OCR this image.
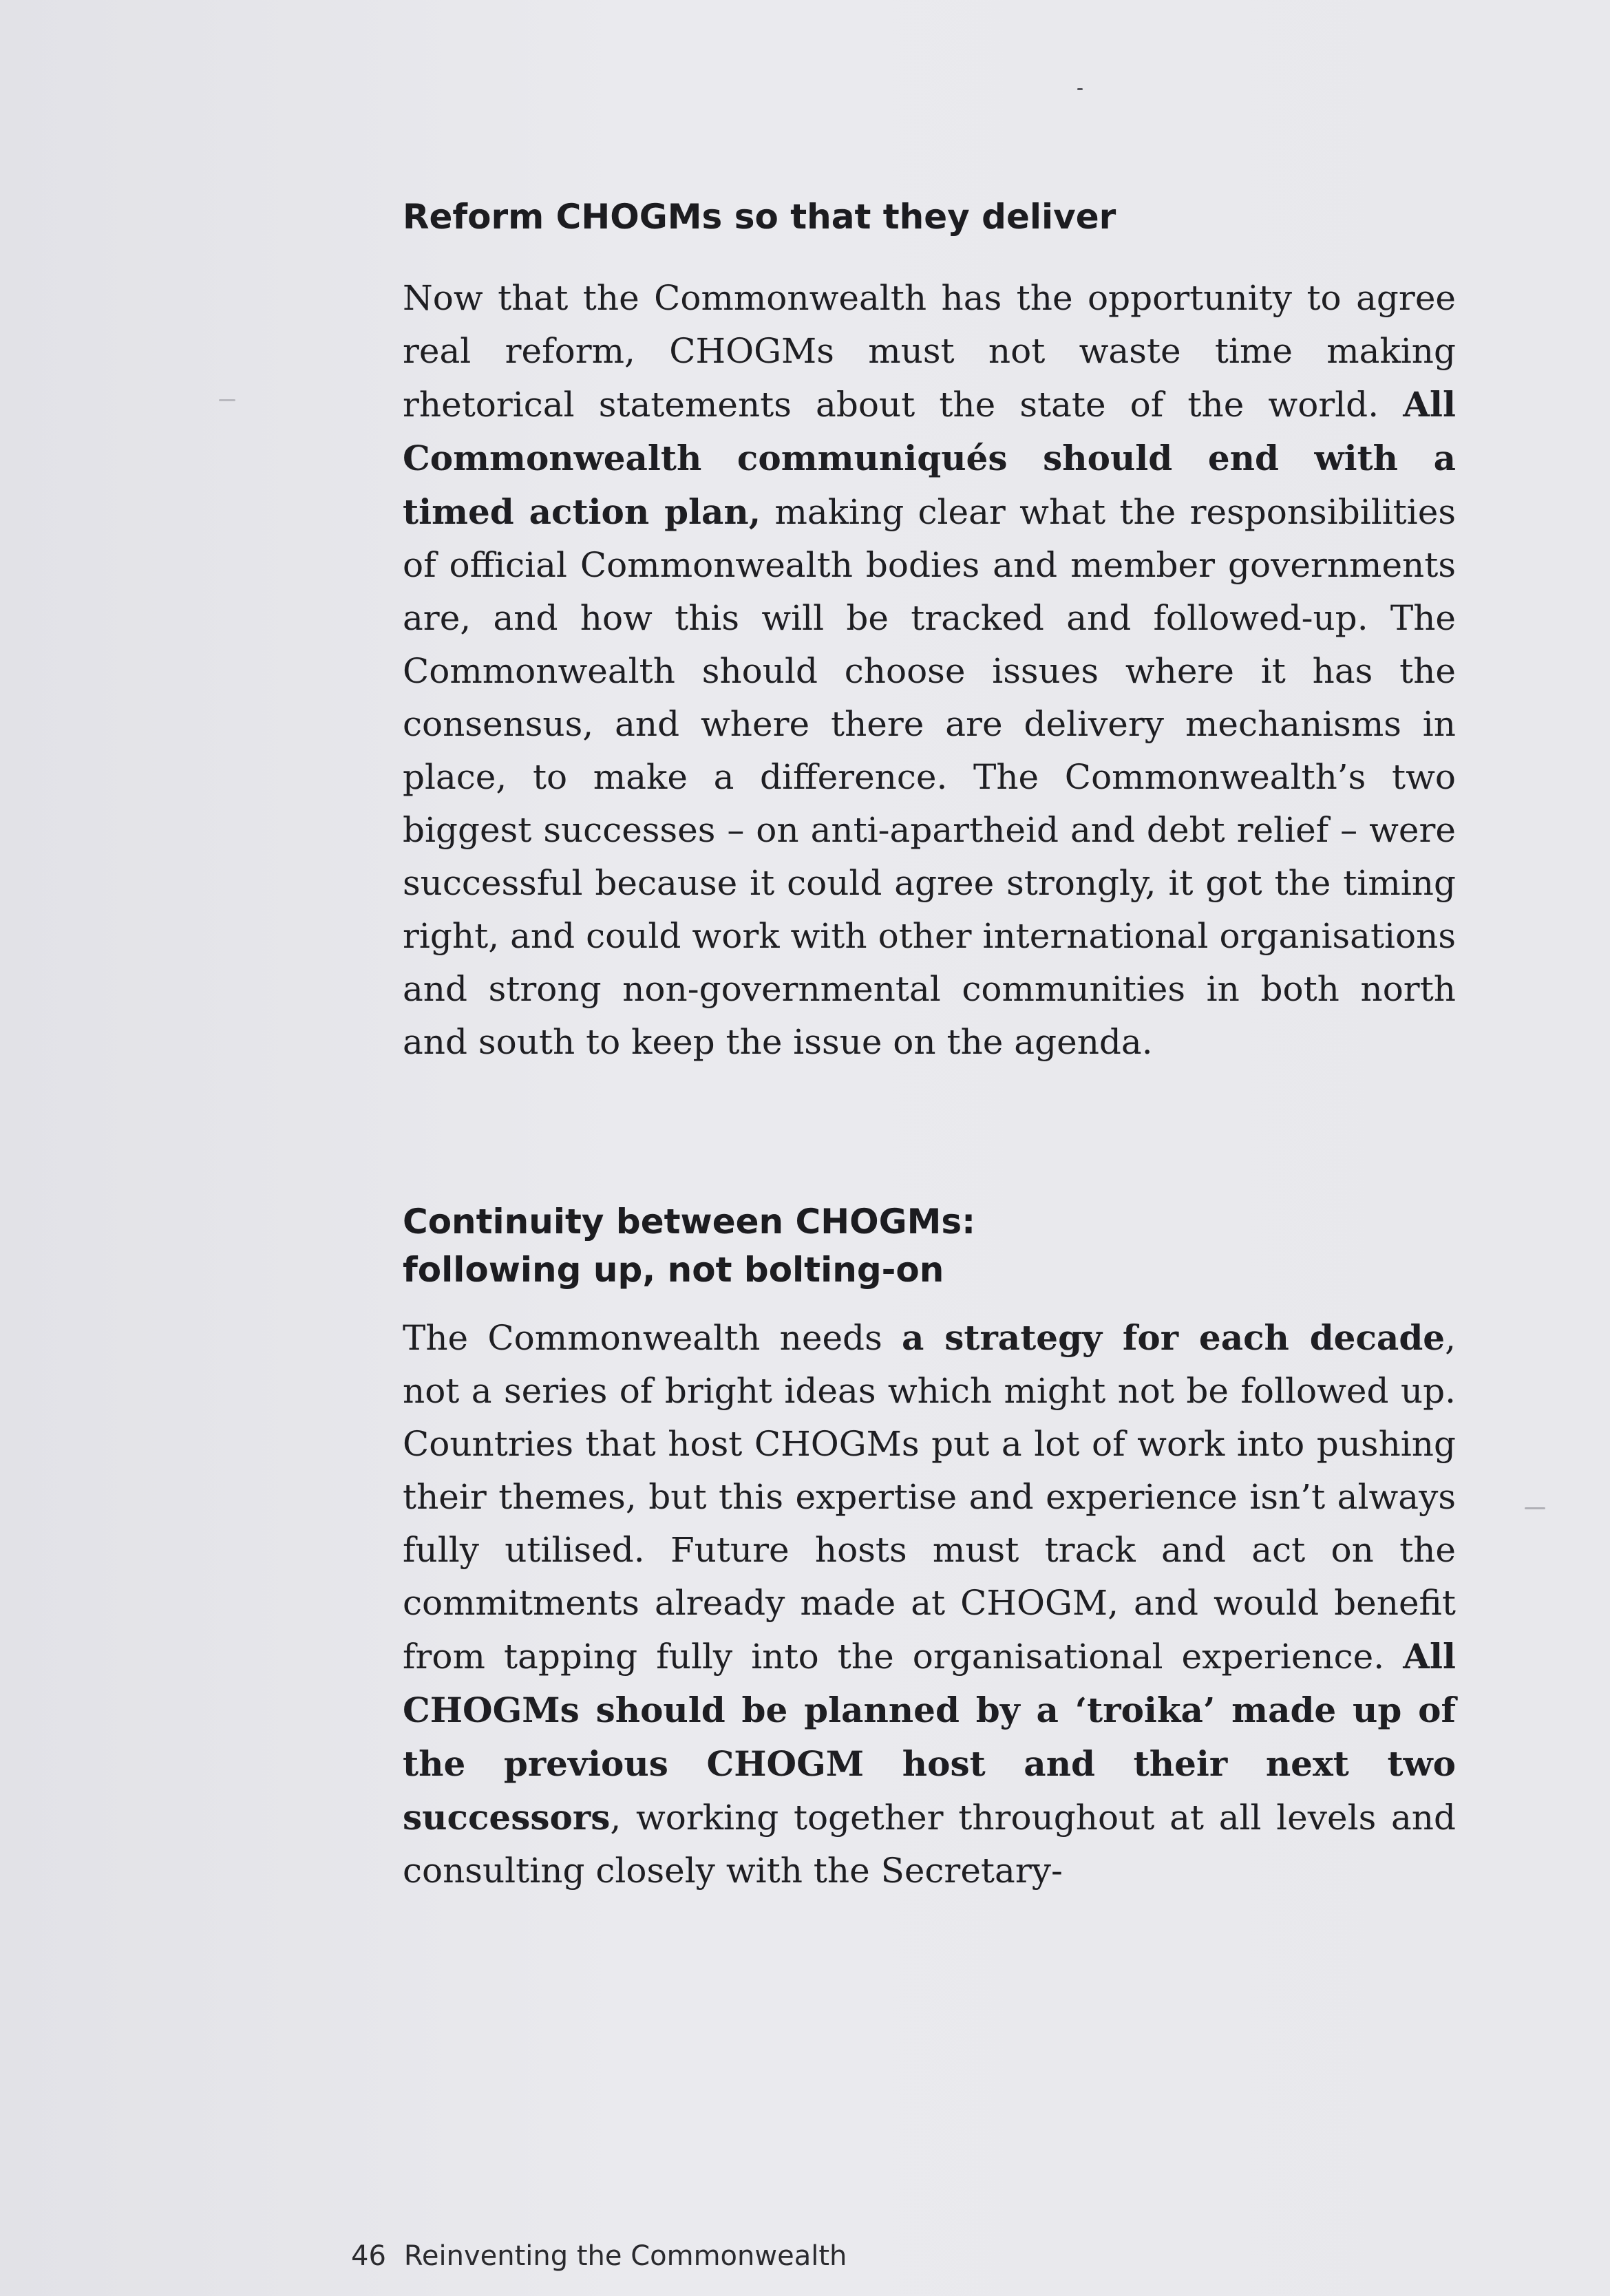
Reform CHOGMs so that they deliver

Now that the Commonwealth has the opportunity to agree real reform, CHOGMs must not waste time making rhetorical statements about the state of the world. All Commonwealth communiqués should end with a timed action plan, making clear what the responsibilities of official Commonwealth bodies and member governments are, and how this will be tracked and followed-up. The Commonwealth should choose issues where it has the consensus, and where there are delivery mechanisms in place, to make a difference. The Commonwealth’s two biggest successes – on anti-apartheid and debt relief – were successful because it could agree strongly, it got the timing right, and could work with other international organisations and strong non-governmental communities in both north and south to keep the issue on the agenda.

Continuity between CHOGMs:
following up, not bolting-on

The Commonwealth needs a strategy for each decade, not a series of bright ideas which might not be followed up. Countries that host CHOGMs put a lot of work into pushing their themes, but this expertise and experience isn’t always fully utilised. Future hosts must track and act on the commitments already made at CHOGM, and would benefit from tapping fully into the organisational experience. All CHOGMs should be planned by a ‘troika’ made up of the previous CHOGM host and their next two successors, working together throughout at all levels and consulting closely with the Secretary-

46 Reinventing the Commonwealth
